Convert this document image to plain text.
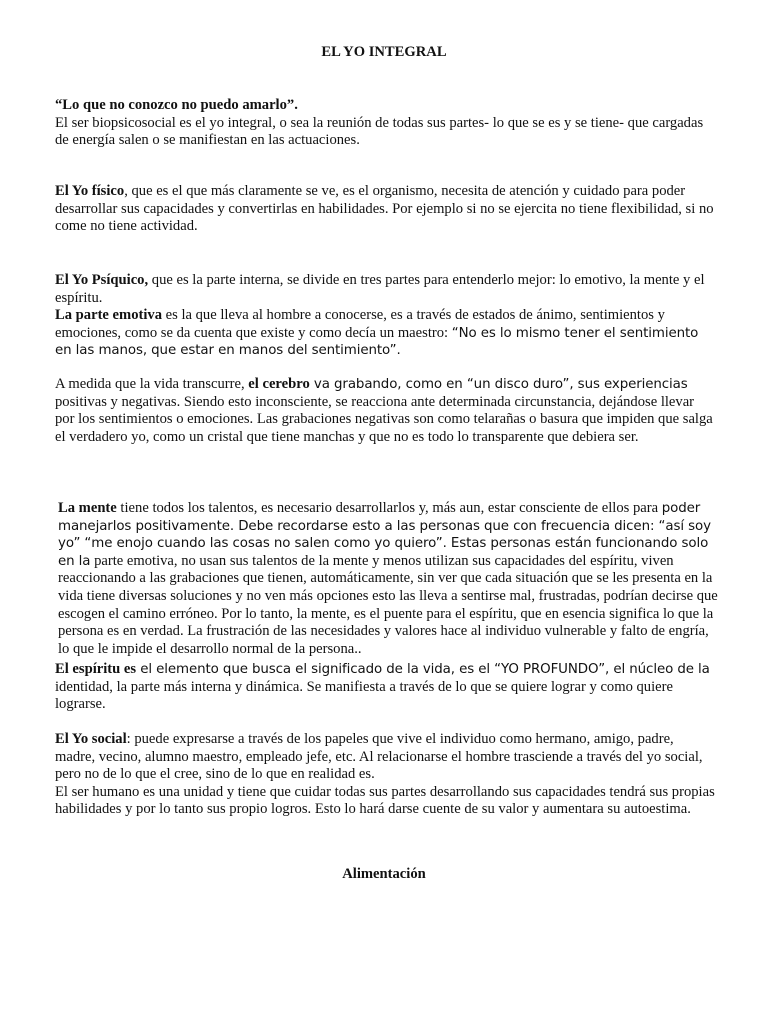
EL YO INTEGRAL

“Lo que no conozco no puedo amarlo”.
El ser biopsicosocial es el yo integral, o sea la reunión de todas sus partes- lo que se es y se tiene- que cargadas de energía salen o se manifiestan en las actuaciones.

El Yo físico, que es el que más claramente se ve, es el organismo, necesita de atención y cuidado para poder desarrollar sus capacidades y convertirlas en habilidades. Por ejemplo si no se ejercita no tiene flexibilidad, si no come no tiene actividad.

El Yo Psíquico, que es la parte interna, se divide en tres partes para entenderlo mejor: lo emotivo, la mente y el espíritu.
La parte emotiva es la que lleva al hombre a conocerse, es a través de estados de ánimo, sentimientos y emociones, como se da cuenta que existe y como decía un maestro: “No es lo mismo tener el sentimiento en las manos, que estar en manos del sentimiento”.

A medida que la vida transcurre, el cerebro va grabando, como en “un disco duro”, sus experiencias positivas y negativas. Siendo esto inconsciente, se reacciona ante determinada circunstancia, dejándose llevar por los sentimientos o emociones. Las grabaciones negativas son como telarañas o basura que impiden que salga el verdadero yo, como un cristal que tiene manchas y que no es todo lo transparente que debiera ser.

La mente tiene todos los talentos, es necesario desarrollarlos y, más aun, estar consciente de ellos para poder manejarlos positivamente. Debe recordarse esto a las personas que con frecuencia dicen: “así soy yo” “me enojo cuando las cosas no salen como yo quiero”. Estas personas están funcionando solo en la parte emotiva, no usan sus talentos de la mente y menos utilizan sus capacidades del espíritu, viven reaccionando a las grabaciones que tienen, automáticamente, sin ver que cada situación que se les presenta en la vida tiene diversas soluciones y no ven más opciones esto las lleva a sentirse mal, frustradas, podrían decirse que escogen el camino erróneo. Por lo tanto, la mente, es el puente para el espíritu, que en esencia significa lo que la persona es en verdad. La frustración de las necesidades y valores hace al individuo vulnerable y falto de engría, lo que le impide el desarrollo normal de la persona..

El espíritu es el elemento que busca el significado de la vida, es el “YO PROFUNDO”, el núcleo de la identidad, la parte más interna y dinámica. Se manifiesta a través de lo que se quiere lograr y como quiere lograrse.

El Yo social: puede expresarse a través de los papeles que vive el individuo como hermano, amigo, padre, madre, vecino, alumno maestro, empleado jefe, etc. Al relacionarse el hombre trasciende a través del yo social, pero no de lo que el cree, sino de lo que en realidad es.
El ser humano es una unidad y tiene que cuidar todas sus partes desarrollando sus capacidades tendrá sus propias habilidades y por lo tanto sus propio logros. Esto lo hará darse cuente de su valor y aumentara su autoestima.

Alimentación
